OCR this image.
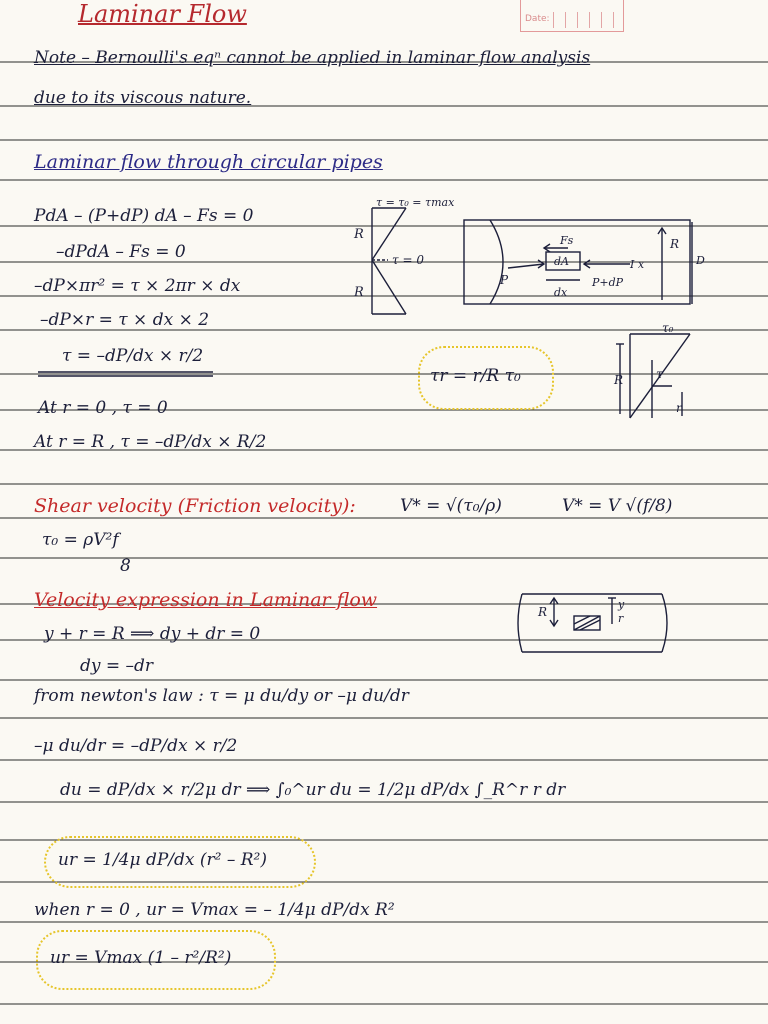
Date:
Laminar Flow
Note – Bernoulli's eqⁿ cannot be applied in laminar flow analysis
due to its viscous nature.
Laminar flow through circular pipes
PdA – (P+dP) dA – Fs = 0
–dPdA – Fs = 0
–dP×πr² = τ × 2πr × dx
–dP×r = τ × dx × 2
τ = –dP/dx × r/2
At r = 0 , τ = 0
At r = R , τ = –dP/dx × R/2
τr = r/R τ₀
R
R
τ = τ₀ = τmax
τ = 0
Fs
dA
P	P+dP
dx
I x
R
D
τ₀
τ
R
r
Shear velocity (Friction velocity):	V* = √(τ₀/ρ)	V* = V √(f/8)
τ₀ = ρV²f
8
Velocity expression in Laminar flow
y + r = R ⟹ dy + dr = 0
dy = –dr
from newton's law : τ = μ du/dy or –μ du/dr
–μ du/dr = –dP/dx × r/2
du = dP/dx × r/2μ dr ⟹ ∫₀^ur du = 1/2μ dP/dx ∫_R^r r dr
ur = 1/4μ dP/dx (r² – R²)
when r = 0 , ur = Vmax = – 1/4μ dP/dx R²
ur = Vmax (1 – r²/R²)
R
y
r
